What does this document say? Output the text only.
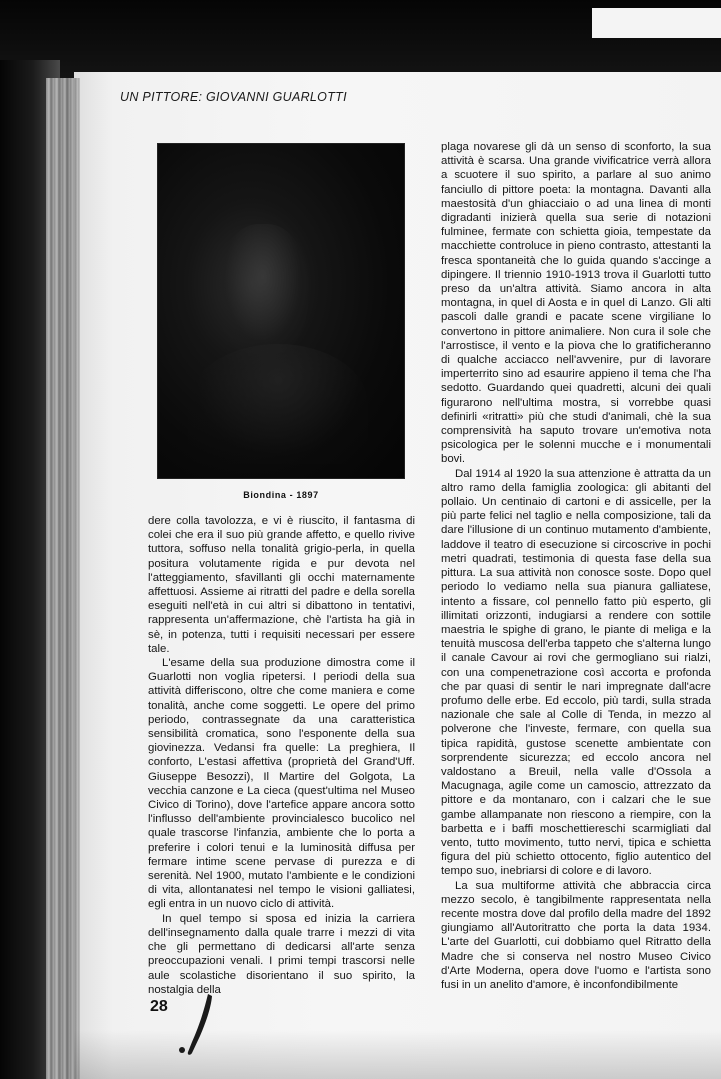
UN PITTORE: GIOVANNI GUARLOTTI
Biondina - 1897

dere colla tavolozza, e vi è riuscito, il fantasma di colei che era il suo più grande affetto, e quello rivive tuttora, soffuso nella tonalità grigio-perla, in quella positura volutamente rigida e pur devota nel l'atteggiamento, sfavillanti gli occhi maternamente affettuosi. Assieme ai ritratti del padre e della sorella eseguiti nell'età in cui altri si dibattono in tentativi, rappresenta un'affermazione, chè l'artista ha già in sè, in potenza, tutti i requisiti necessari per essere tale.

L'esame della sua produzione dimostra come il Guarlotti non voglia ripetersi. I periodi della sua attività differiscono, oltre che come maniera e come tonalità, anche come soggetti. Le opere del primo periodo, contrassegnate da una caratteristica sensibilità cromatica, sono l'esponente della sua giovinezza. Vedansi fra quelle: La preghiera, Il conforto, L'estasi affettiva (proprietà del Grand'Uff. Giuseppe Besozzi), Il Martire del Golgota, La vecchia canzone e La cieca (quest'ultima nel Museo Civico di Torino), dove l'artefice appare ancora sotto l'influsso dell'ambiente provincialesco bucolico nel quale trascorse l'infanzia, ambiente che lo porta a preferire i colori tenui e la luminosità diffusa per fermare intime scene pervase di purezza e di serenità. Nel 1900, mutato l'ambiente e le condizioni di vita, allontanatesi nel tempo le visioni galliatesi, egli entra in un nuovo ciclo di attività.

In quel tempo si sposa ed inizia la carriera dell'insegnamento dalla quale trarre i mezzi di vita che gli permettano di dedicarsi all'arte senza preoccupazioni venali. I primi tempi trascorsi nelle aule scolastiche disorientano il suo spirito, la nostalgia della

plaga novarese gli dà un senso di sconforto, la sua attività è scarsa. Una grande vivificatrice verrà allora a scuotere il suo spirito, a parlare al suo animo fanciullo di pittore poeta: la montagna. Davanti alla maestosità d'un ghiacciaio o ad una linea di monti digradanti inizierà quella sua serie di notazioni fulminee, fermate con schietta gioia, tempestate da macchiette controluce in pieno contrasto, attestanti la fresca spontaneità che lo guida quando s'accinge a dipingere. Il triennio 1910-1913 trova il Guarlotti tutto preso da un'altra attività. Siamo ancora in alta montagna, in quel di Aosta e in quel di Lanzo. Gli alti pascoli dalle grandi e pacate scene virgiliane lo convertono in pittore animaliere. Non cura il sole che l'arrostisce, il vento e la piova che lo gratificheranno di qualche acciacco nell'avvenire, pur di lavorare imperterrito sino ad esaurire appieno il tema che l'ha sedotto. Guardando quei quadretti, alcuni dei quali figurarono nell'ultima mostra, si vorrebbe quasi definirli «ritratti» più che studi d'animali, chè la sua comprensività ha saputo trovare un'emotiva nota psicologica per le solenni mucche e i monumentali bovi.

Dal 1914 al 1920 la sua attenzione è attratta da un altro ramo della famiglia zoologica: gli abitanti del pollaio. Un centinaio di cartoni e di assicelle, per la più parte felici nel taglio e nella composizione, tali da dare l'illusione di un continuo mutamento d'ambiente, laddove il teatro di esecuzione si circoscrive in pochi metri quadrati, testimonia di questa fase della sua pittura. La sua attività non conosce soste. Dopo quel periodo lo vediamo nella sua pianura galliatese, intento a fissare, col pennello fatto più esperto, gli illimitati orizzonti, indugiarsi a rendere con sottile maestria le spighe di grano, le piante di meliga e la tenuità muscosa dell'erba tappeto che s'alterna lungo il canale Cavour ai rovi che germogliano sui rialzi, con una compenetrazione così accorta e profonda che par quasi di sentir le nari impregnate dall'acre profumo delle erbe. Ed eccolo, più tardi, sulla strada nazionale che sale al Colle di Tenda, in mezzo al polverone che l'investe, fermare, con quella sua tipica rapidità, gustose scenette ambientate con sorprendente sicurezza; ed eccolo ancora nel valdostano a Breuil, nella valle d'Ossola a Macugnaga, agile come un camoscio, attrezzato da pittore e da montanaro, con i calzari che le sue gambe allampanate non riescono a riempire, con la barbetta e i baffi moschettiereschi scarmigliati dal vento, tutto movimento, tutto nervi, tipica e schietta figura del più schietto ottocento, figlio autentico del tempo suo, inebriarsi di colore e di lavoro.

La sua multiforme attività che abbraccia circa mezzo secolo, è tangibilmente rappresentata nella recente mostra dove dal profilo della madre del 1892 giungiamo all'Autoritratto che porta la data 1934. L'arte del Guarlotti, cui dobbiamo quel Ritratto della Madre che si conserva nel nostro Museo Civico d'Arte Moderna, opera dove l'uomo e l'artista sono fusi in un anelito d'amore, è inconfondibilmente

28
